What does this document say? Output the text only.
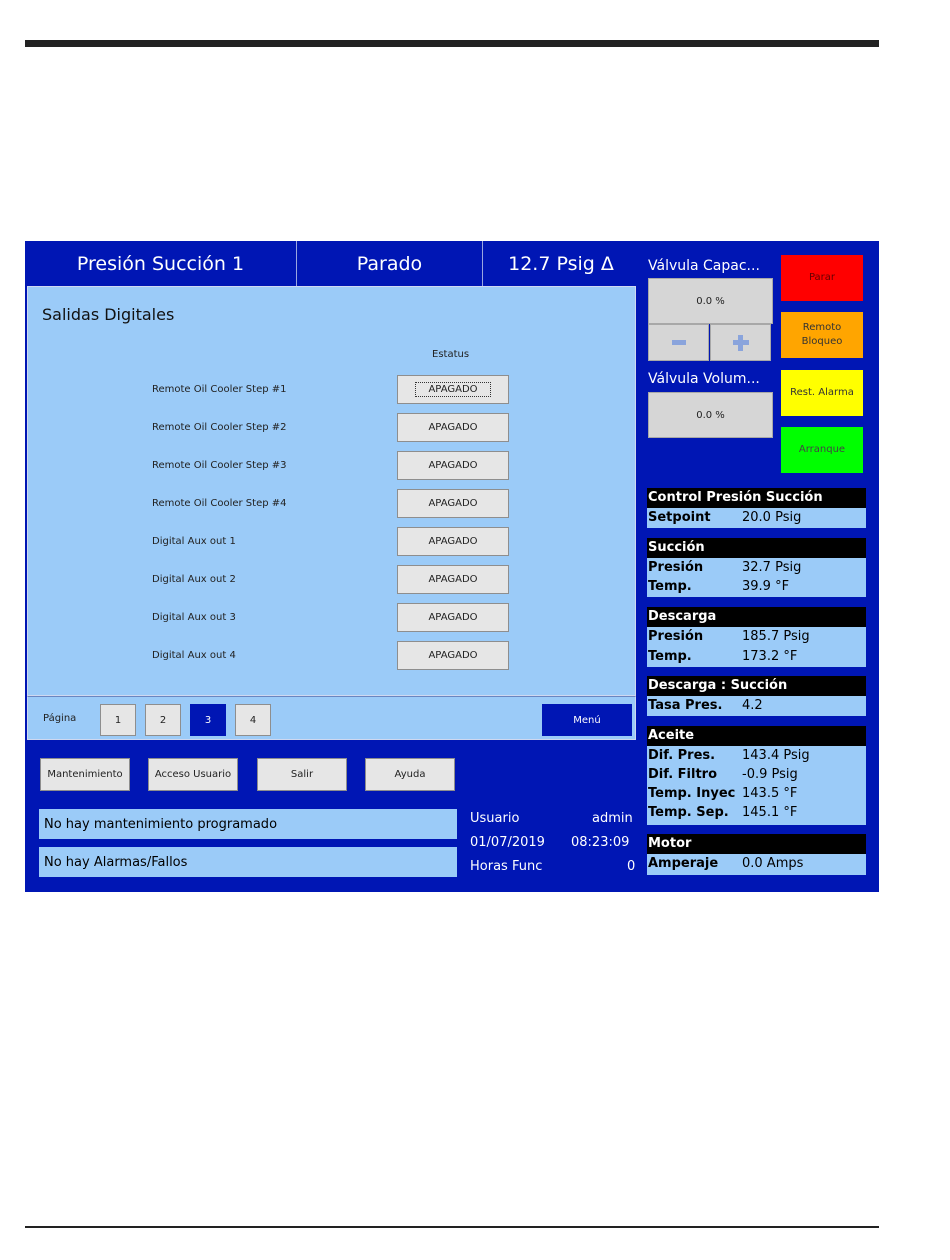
Presión Succión 1	Parado	12.7 Psig Δ
Salidas Digitales
Estatus
Remote Oil Cooler Step #1	APAGADO
Remote Oil Cooler Step #2	APAGADO
Remote Oil Cooler Step #3	APAGADO
Remote Oil Cooler Step #4	APAGADO
Digital Aux out 1	APAGADO
Digital Aux out 2	APAGADO
Digital Aux out 3	APAGADO
Digital Aux out 4	APAGADO
Página	1	2	3	4	Menú
Mantenimiento	Acceso Usuario	Salir	Ayuda
No hay mantenimiento programado
No hay Alarmas/Fallos
Usuario	admin
01/07/2019 08:23:09
Horas Func	0
Válvula Capac...
0.0 %
Válvula Volum...
0.0 %
Parar
Remoto Bloqueo
Rest. Alarma
Arranque
Control Presión Succión
Setpoint 20.0 Psig
Succión
Presión	32.7 Psig
Temp.	39.9 °F
Descarga
Presión	185.7 Psig
Temp.	173.2 °F
Descarga : Succión
Tasa Pres. 4.2
Aceite
Dif. Pres. 143.4 Psig
Dif. Filtro -0.9 Psig
Temp. Inyec 143.5 °F
Temp. Sep. 145.1 °F
Motor
Amperaje 0.0 Amps
